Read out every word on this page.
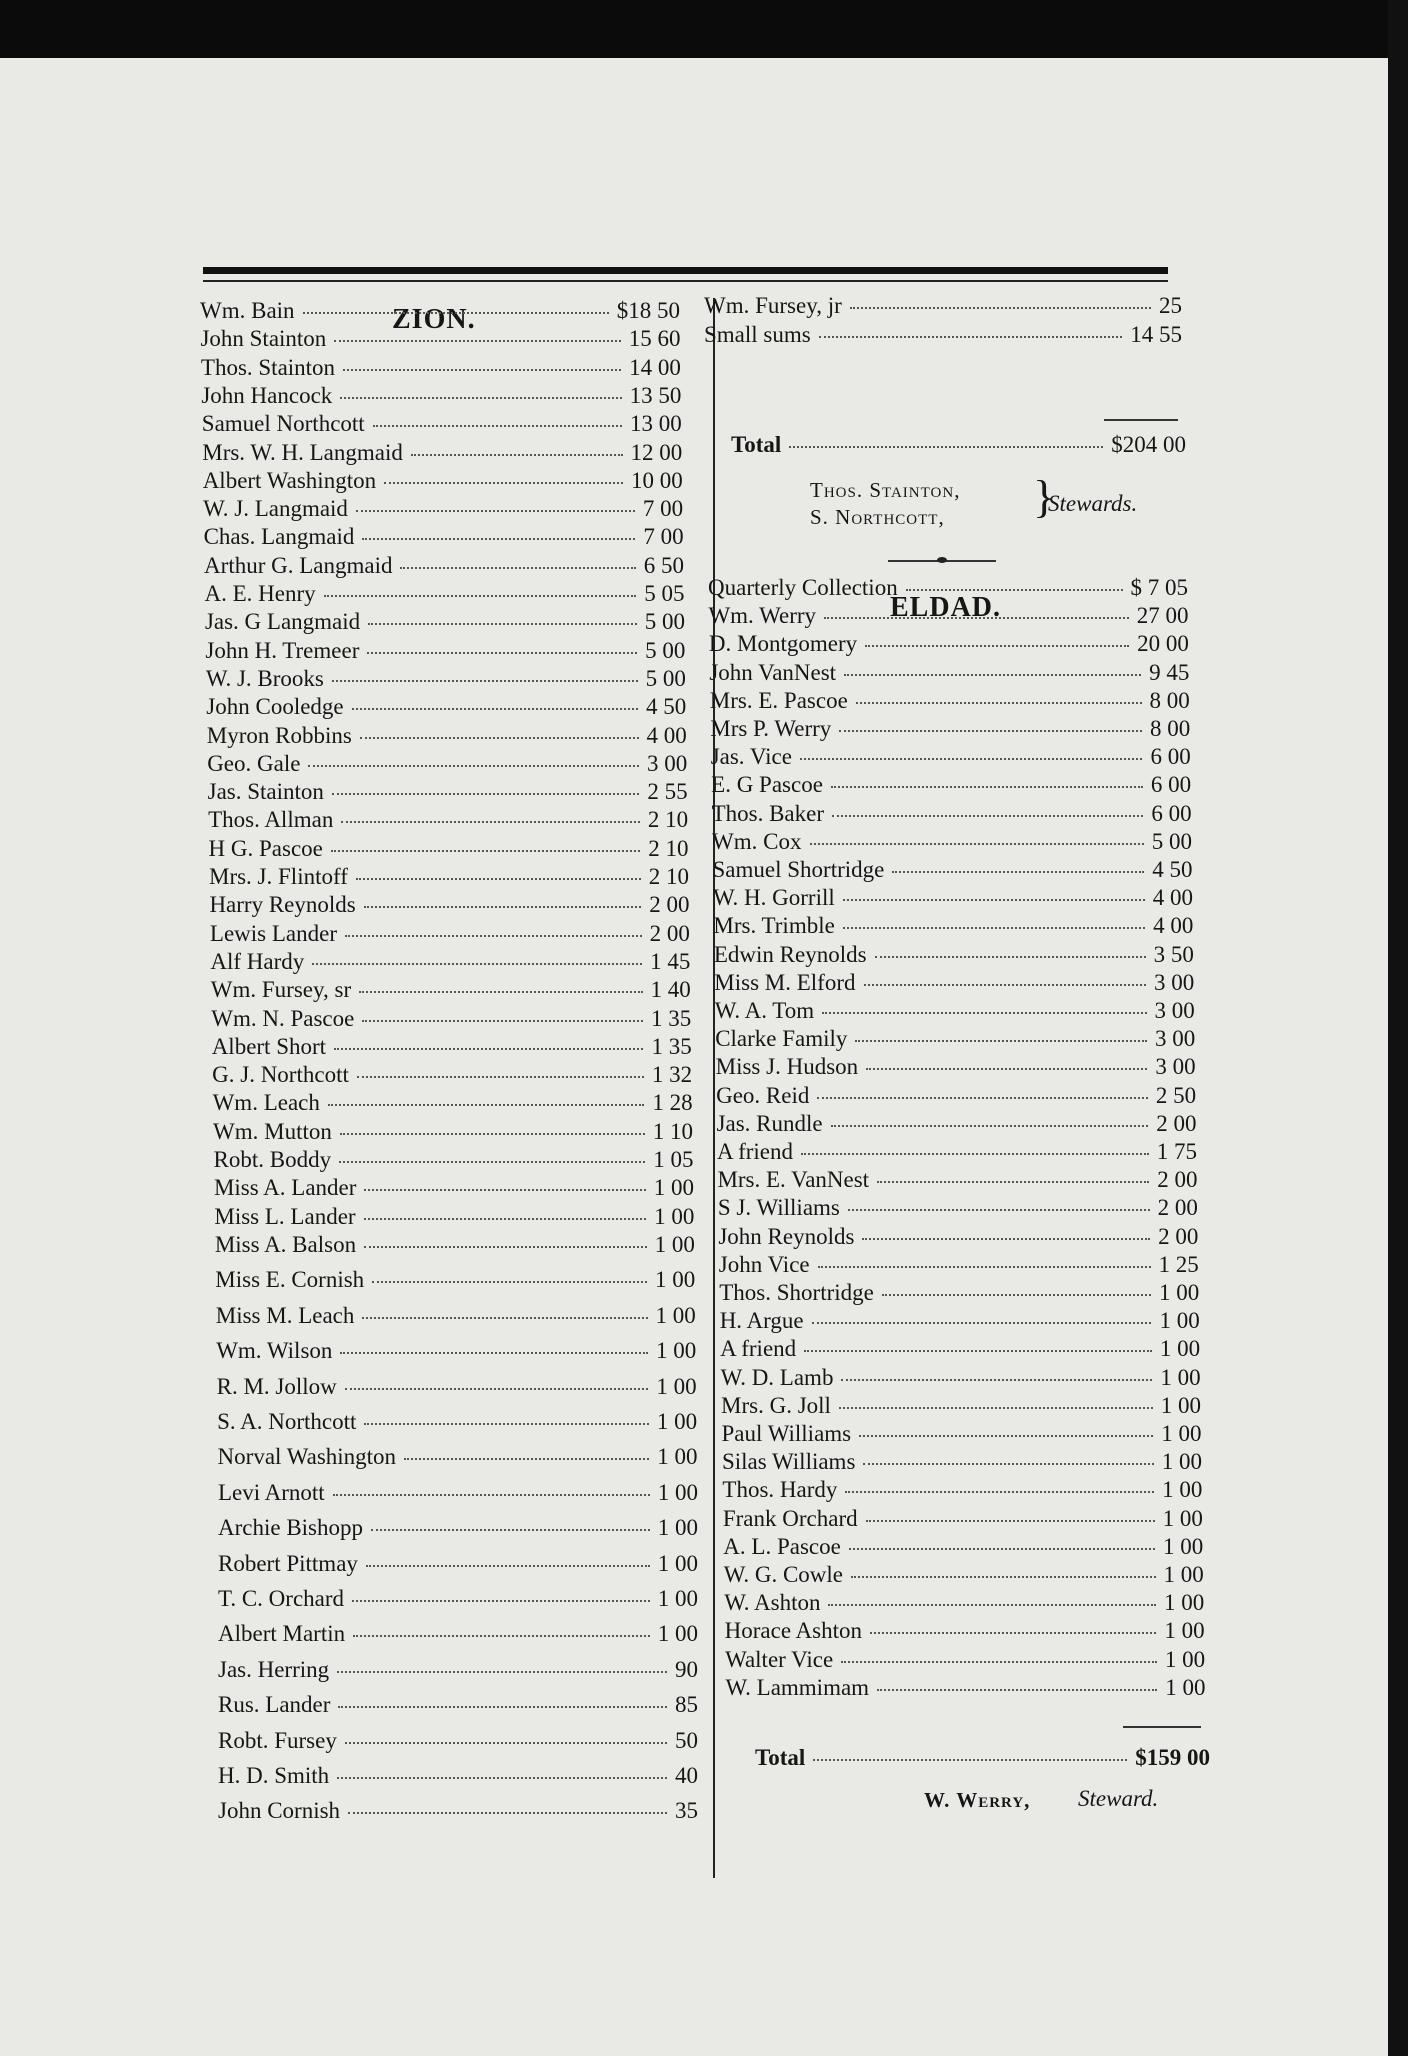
ZION.
Wm. Bain	$18 50
John Stainton	15 60
Thos. Stainton	14 00
John Hancock	13 50
Samuel Northcott	13 00
Mrs. W. H. Langmaid	12 00
Albert Washington	10 00
W. J. Langmaid	7 00
Chas. Langmaid	7 00
Arthur G. Langmaid	6 50
A. E. Henry	5 05
Jas. G Langmaid	5 00
John H. Tremeer	5 00
W. J. Brooks	5 00
John Cooledge	4 50
Myron Robbins	4 00
Geo. Gale	3 00
Jas. Stainton	2 55
Thos. Allman	2 10
H G. Pascoe	2 10
Mrs. J. Flintoff	2 10
Harry Reynolds	2 00
Lewis Lander	2 00
Alf Hardy	1 45
Wm. Fursey, sr	1 40
Wm. N. Pascoe	1 35
Albert Short	1 35
G. J. Northcott	1 32
Wm. Leach	1 28
Wm. Mutton	1 10
Robt. Boddy	1 05
Miss A. Lander	1 00
Miss L. Lander	1 00
Miss A. Balson	1 00
Miss E. Cornish	1 00
Miss M. Leach	1 00
Wm. Wilson	1 00
R. M. Jollow	1 00
S. A. Northcott	1 00
Norval Washington	1 00
Levi Arnott	1 00
Archie Bishopp	1 00
Robert Pittmay	1 00
T. C. Orchard	1 00
Albert Martin	1 00
Jas. Herring	90
Rus. Lander	85
Robt. Fursey	50
H. D. Smith	40
John Cornish	35
Wm. Fursey, jr	25
Small sums	14 55
Total	$204 00
Thos. Stainton,
S. Northcott, }
Stewards.
ELDAD.
Quarterly Collection	$ 7 05
Wm. Werry	27 00
D. Montgomery	20 00
John VanNest	9 45
Mrs. E. Pascoe	8 00
Mrs P. Werry	8 00
Jas. Vice	6 00
E. G Pascoe	6 00
Thos. Baker	6 00
Wm. Cox	5 00
Samuel Shortridge	4 50
W. H. Gorrill	4 00
Mrs. Trimble	4 00
Edwin Reynolds	3 50
Miss M. Elford	3 00
W. A. Tom	3 00
Clarke Family	3 00
Miss J. Hudson	3 00
Geo. Reid	2 50
Jas. Rundle	2 00
A friend	1 75
Mrs. E. VanNest	2 00
S J. Williams	2 00
John Reynolds	2 00
John Vice	1 25
Thos. Shortridge	1 00
H. Argue	1 00
A friend	1 00
W. D. Lamb	1 00
Mrs. G. Joll	1 00
Paul Williams	1 00
Silas Williams	1 00
Thos. Hardy	1 00
Frank Orchard	1 00
A. L. Pascoe	1 00
W. G. Cowle	1 00
W. Ashton	1 00
Horace Ashton	1 00
Walter Vice	1 00
W. Lammimam	1 00
Total	$159 00
W. Werry, Steward.
